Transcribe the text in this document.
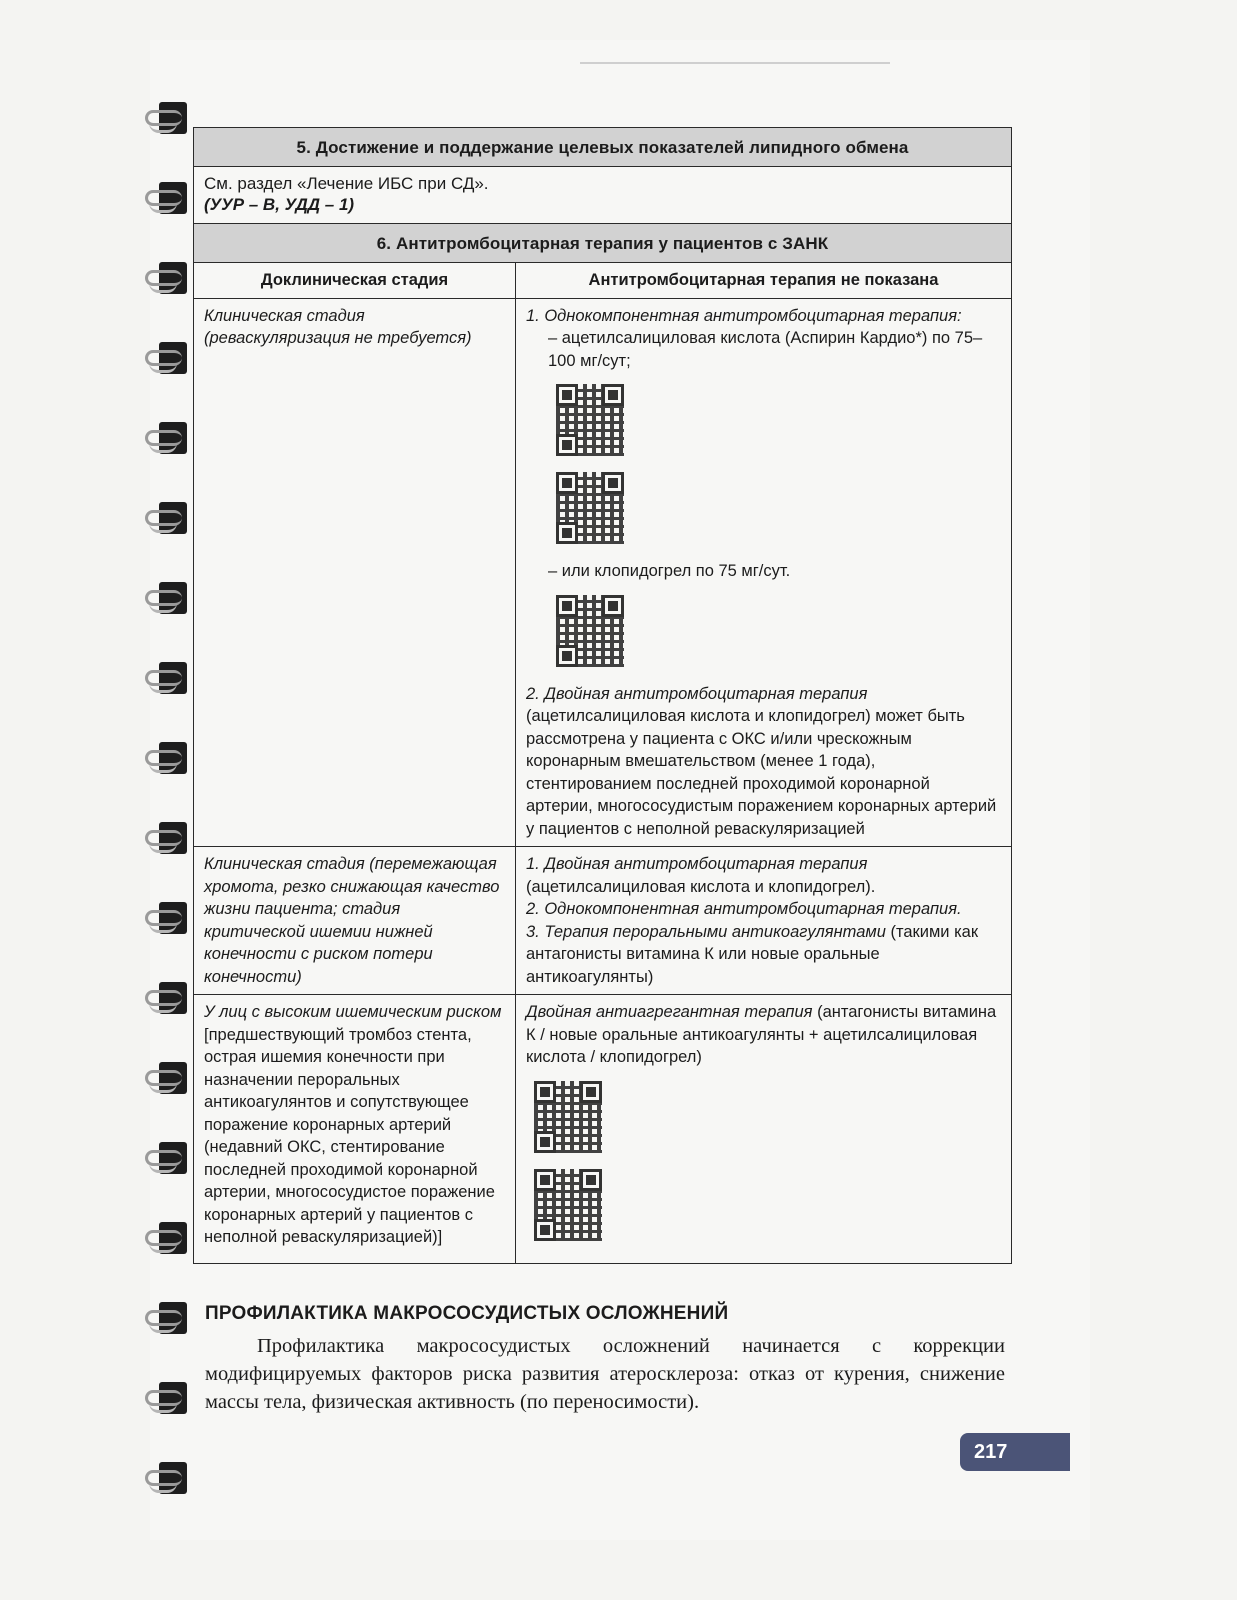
5. Достижение и поддержание целевых показателей липидного обмена
См. раздел «Лечение ИБС при СД».
(УУР – B, УДД – 1)
6. Антитромбоцитарная терапия у пациентов с ЗАНК
Доклиническая стадия	Антитромбоцитарная терапия не показана
Клиническая стадия (реваскуляризация не требуется)
1. Однокомпонентная антитромбоцитарная терапия:
– ацетилсалициловая кислота (Аспирин Кардио*) по 75–100 мг/сут;
– или клопидогрел по 75 мг/сут.
2. Двойная антитромбоцитарная терапия (ацетилсалициловая кислота и клопидогрел) может быть рассмотрена у пациента с ОКС и/или чрескожным коронарным вмешательством (менее 1 года), стентированием последней проходимой коронарной артерии, многососудистым поражением коронарных артерий у пациентов с неполной реваскуляризацией
Клиническая стадия (перемежающая хромота, резко снижающая качество жизни пациента; стадия критической ишемии нижней конечности с риском потери конечности)
1. Двойная антитромбоцитарная терапия (ацетилсалициловая кислота и клопидогрел).
2. Однокомпонентная антитромбоцитарная терапия.
3. Терапия пероральными антикоагулянтами (такими как антагонисты витамина К или новые оральные антикоагулянты)
У лиц с высоким ишемическим риском [предшествующий тромбоз стента, острая ишемия конечности при назначении пероральных антикоагулянтов и сопутствующее поражение коронарных артерий (недавний ОКС, стентирование последней проходимой коронарной артерии, многососудистое поражение коронарных артерий у пациентов с неполной реваскуляризацией)]
Двойная антиагрегантная терапия (антагонисты витамина К / новые оральные антикоагулянты + ацетилсалициловая кислота / клопидогрел)
ПРОФИЛАКТИКА МАКРОСОСУДИСТЫХ ОСЛОЖНЕНИЙ
Профилактика макрососудистых осложнений начинается с коррекции модифицируемых факторов риска развития атеросклероза: отказ от курения, снижение массы тела, физическая активность (по переносимости).
217
